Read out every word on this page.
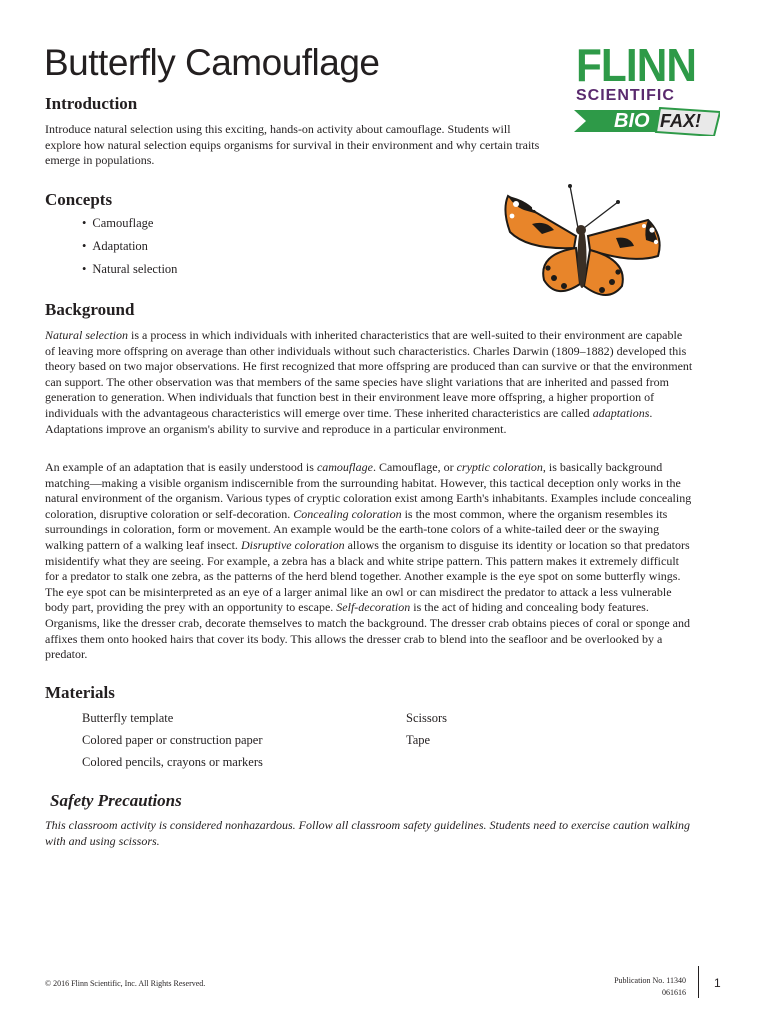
Butterfly Camouflage	FLINN
SCIENTIFIC
BIO FAX!
Introduction

Introduce natural selection using this exciting, hands-on activity about camouflage. Students will explore how natural selection equips organisms for survival in their environment and why certain traits emerge in populations.

Concepts
• Camouflage
• Adaptation
• Natural selection
Background

Natural selection is a process in which individuals with inherited characteristics that are well-suited to their environment are capable of leaving more offspring on average than other individuals without such characteristics. Charles Darwin (1809–1882) developed this theory based on two major observations. He first recognized that more offspring are produced than can survive or that the environment can support. The other observation was that members of the same species have slight variations that are inherited and passed from generation to generation. When individuals that function best in their environment leave more offspring, a higher proportion of individuals with the advantageous characteristics will emerge over time. These inherited characteristics are called adaptations. Adaptations improve an organism's ability to survive and reproduce in a particular environment.

An example of an adaptation that is easily understood is camouflage. Camouflage, or cryptic coloration, is basically background matching—making a visible organism indiscernible from the surrounding habitat. However, this tactical deception only works in the natural environment of the organism. Various types of cryptic coloration exist among Earth's inhabitants. Examples include concealing coloration, disruptive coloration or self-decoration. Concealing coloration is the most common, where the organism resembles its surroundings in coloration, form or movement. An example would be the earth-tone colors of a white-tailed deer or the swaying walking pattern of a walking leaf insect. Disruptive coloration allows the organism to disguise its identity or location so that predators misidentify what they are seeing. For example, a zebra has a black and white stripe pattern. This pattern makes it extremely difficult for a predator to stalk one zebra, as the patterns of the herd blend together. Another example is the eye spot on some butterfly wings. The eye spot can be misinterpreted as an eye of a larger animal like an owl or can misdirect the predator to attack a less vulnerable body part, providing the prey with an opportunity to escape. Self-decoration is the act of hiding and concealing body features. Organisms, like the dresser crab, decorate themselves to match the background. The dresser crab obtains pieces of coral or sponge and affixes them onto hooked hairs that cover its body. This allows the dresser crab to blend into the seafloor and be overlooked by a predator.

Materials

Butterfly template

Colored paper or construction paper

Colored pencils, crayons or markers

Scissors

Tape

Safety Precautions

This classroom activity is considered nonhazardous. Follow all classroom safety guidelines. Students need to exercise caution walking with and using scissors.

© 2016 Flinn Scientific, Inc. All Rights Reserved.	Publication No. 11340
061616
1
